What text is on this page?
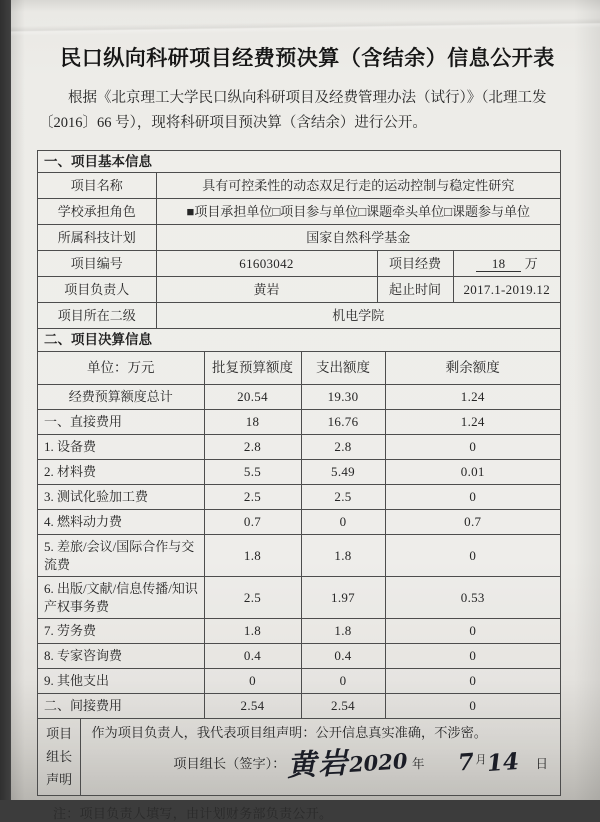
民口纵向科研项目经费预决算（含结余）信息公开表

根据《北京理工大学民口纵向科研项目及经费管理办法（试行）》（北理工发
〔2016〕66 号），现将科研项目预决算（含结余）进行公开。

一、项目基本信息
项目名称	具有可控柔性的动态双足行走的运动控制与稳定性研究		
学校承担角色	■项目承担单位□项目参与单位□课题牵头单位□课题参与单位		
所属科技计划	国家自然科学基金		
项目编号	61603042	项目经费	18 万
项目负责人	黄岩	起止时间	2017.1-2019.12
项目所在二级	机电学院		
二、项目决算信息
单位：万元	批复预算额度	支出额度	剩余额度
经费预算额度总计	20.54	19.30	1.24
一、直接费用	18	16.76	1.24
1. 设备费	2.8	2.8	0
2. 材料费	5.5	5.49	0.01
3. 测试化验加工费	2.5	2.5	0
4. 燃料动力费	0.7	0	0.7
5. 差旅/会议/国际合作与交流费	1.8	1.8	0
6. 出版/文献/信息传播/知识产权事务费	2.5	1.97	0.53
7. 劳务费	1.8	1.8	0
8. 专家咨询费	0.4	0.4	0
9. 其他支出	0	0	0
二、间接费用	2.54	2.54	0
项目组长声明
作为项目负责人，我代表项目组声明：公开信息真实准确，不涉密。
项目组长（签字）： 黄岩
2020 年 7 月 14 日
注：项目负责人填写，由计划财务部负责公开。
